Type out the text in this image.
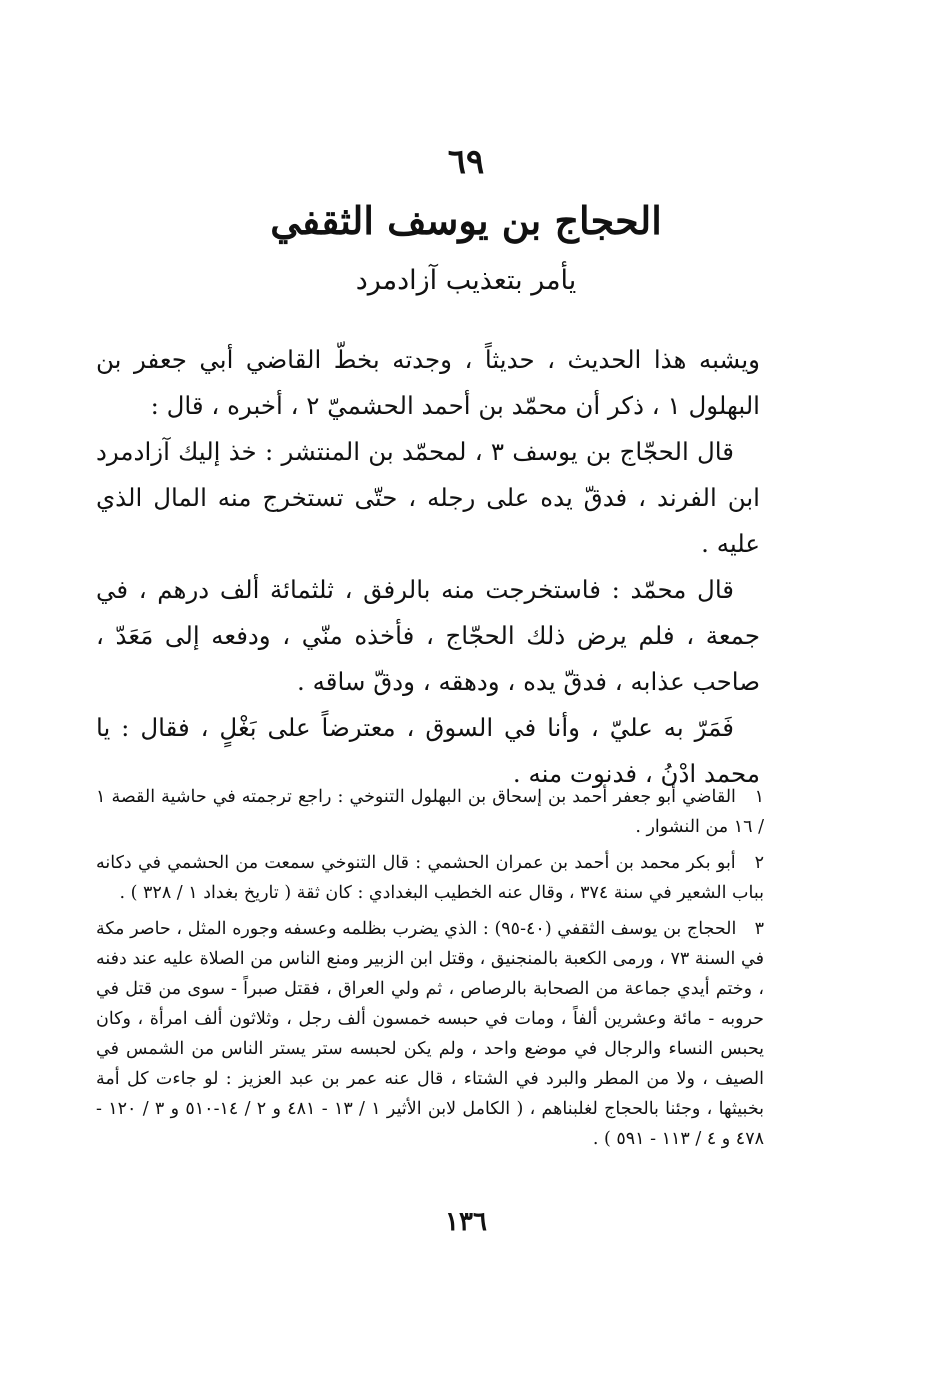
٦٩
الحجاج بن يوسف الثقفي
يأمر بتعذيب آزادمرد

ويشبه هذا الحديث ، حديثاً ، وجدته بخطّ القاضي أبي جعفر بن البهلول ١ ، ذكر أن محمّد بن أحمد الحشميّ ٢ ، أخبره ، قال :

قال الحجّاج بن يوسف ٣ ، لمحمّد بن المنتشر : خذ إليك آزادمرد ابن الفرند ، فدقّ يده على رجله ، حتّى تستخرج منه المال الذي عليه .

قال محمّد : فاستخرجت منه بالرفق ، ثلثمائة ألف درهم ، في جمعة ، فلم يرض ذلك الحجّاج ، فأخذه منّي ، ودفعه إلى مَعَدّ ، صاحب عذابه ، فدقّ يده ، ودهقه ، ودقّ ساقه .

فَمَرّ به عليّ ، وأنا في السوق ، معترضاً على بَغْلٍ ، فقال : يا محمد ادْنُ ، فدنوت منه .

١ القاضي أبو جعفر أحمد بن إسحاق بن البهلول التنوخي : راجع ترجمته في حاشية القصة ١ / ١٦ من النشوار .

٢ أبو بكر محمد بن أحمد بن عمران الحشمي : قال التنوخي سمعت من الحشمي في دكانه بباب الشعير في سنة ٣٧٤ ، وقال عنه الخطيب البغدادي : كان ثقة ( تاريخ بغداد ١ / ٣٢٨ ) .

٣ الحجاج بن يوسف الثقفي (٤٠-٩٥) : الذي يضرب بظلمه وعسفه وجوره المثل ، حاصر مكة في السنة ٧٣ ، ورمى الكعبة بالمنجنيق ، وقتل ابن الزبير ومنع الناس من الصلاة عليه عند دفنه ، وختم أيدي جماعة من الصحابة بالرصاص ، ثم ولي العراق ، فقتل صبراً - سوى من قتل في حروبه - مائة وعشرين ألفاً ، ومات في حبسه خمسون ألف رجل ، وثلاثون ألف امرأة ، وكان يحبس النساء والرجال في موضع واحد ، ولم يكن لحبسه ستر يستر الناس من الشمس في الصيف ، ولا من المطر والبرد في الشتاء ، قال عنه عمر بن عبد العزيز : لو جاءت كل أمة بخبيثها ، وجئنا بالحجاج لغلبناهم ، ( الكامل لابن الأثير ١ / ١٣ - ٤٨١ و ٢ / ١٤-٥١٠ و ٣ / ١٢٠ - ٤٧٨ و ٤ / ١١٣ - ٥٩١ ) .

١٣٦
